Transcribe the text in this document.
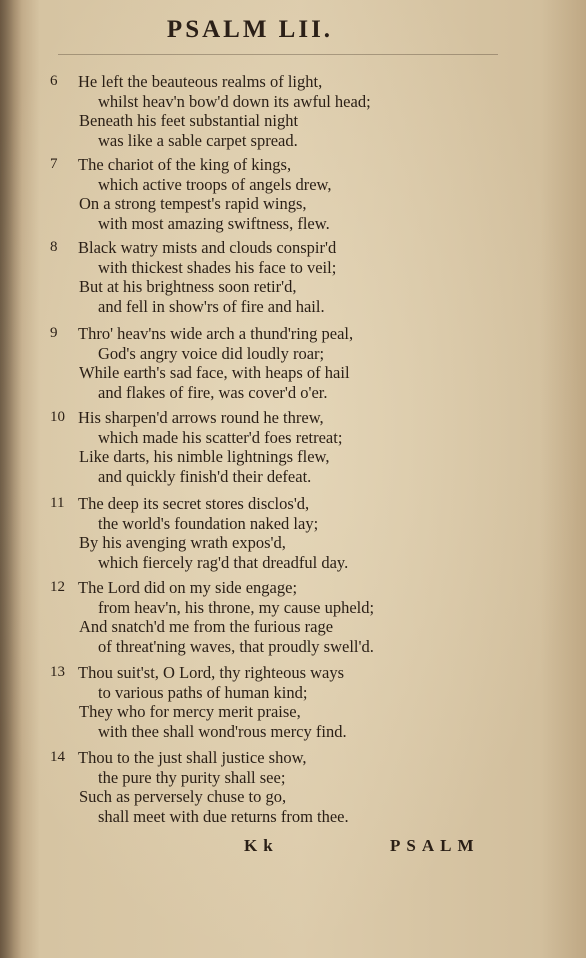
PSALM LII.
6	He left the beauteous realms of light,
whilst heav'n bow'd down its awful head;
Beneath his feet substantial night
was like a sable carpet spread.
7	The chariot of the king of kings,
which active troops of angels drew,
On a strong tempest's rapid wings,
with most amazing swiftness, flew.
8	Black watry mists and clouds conspir'd
with thickest shades his face to veil;
But at his brightness soon retir'd,
and fell in show'rs of fire and hail.
9	Thro' heav'ns wide arch a thund'ring peal,
God's angry voice did loudly roar;
While earth's sad face, with heaps of hail
and flakes of fire, was cover'd o'er.
10 His sharpen'd arrows round he threw,
which made his scatter'd foes retreat;
Like darts, his nimble lightnings flew,
and quickly finish'd their defeat.
11 The deep its secret stores disclos'd,
the world's foundation naked lay;
By his avenging wrath expos'd,
which fiercely rag'd that dreadful day.
12 The Lord did on my side engage;
from heav'n, his throne, my cause upheld;
And snatch'd me from the furious rage
of threat'ning waves, that proudly swell'd.
13 Thou suit'st, O Lord, thy righteous ways
to various paths of human kind;
They who for mercy merit praise,
with thee shall wond'rous mercy find.
14 Thou to the just shall justice show,
the pure thy purity shall see;
Such as perversely chuse to go,
shall meet with due returns from thee.
Kk	PSALM
